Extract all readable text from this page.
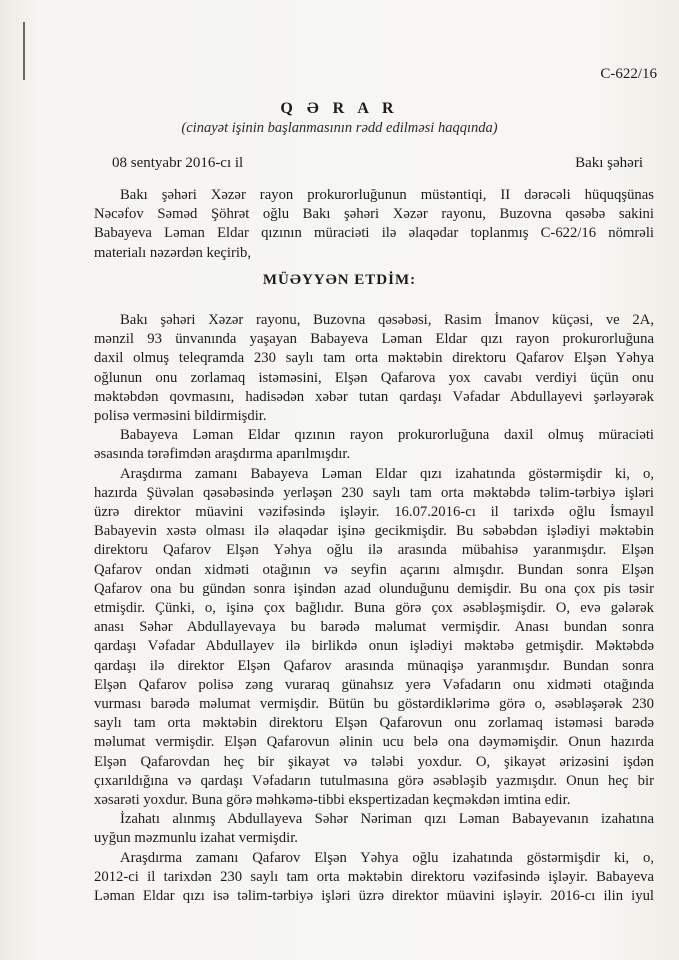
C-622/16
Q Ə R A R
(cinayət işinin başlanmasının rədd edilməsi haqqında)
08 sentyabr 2016-cı il	Bakı şəhəri
Bakı şəhəri Xəzər rayon prokurorluğunun müstəntiqi, II dərəcəli hüquqşünas
Nəcəfov Səməd Şöhrət oğlu Bakı şəhəri Xəzər rayonu, Buzovna qəsəbə sakini
Babayeva Ləman Eldar qızının müraciəti ilə əlaqədar toplanmış C-622/16 nömrəli
materialı nəzərdən keçirib,
MÜƏYYƏN ETDİM:
Bakı şəhəri Xəzər rayonu, Buzovna qəsəbəsi, Rasim İmanov küçəsi, ve 2A,
mənzil 93 ünvanında yaşayan Babayeva Ləman Eldar qızı rayon prokurorluğuna
daxil olmuş teleqramda 230 saylı tam orta məktəbin direktoru Qafarov Elşən Yəhya
oğlunun onu zorlamaq istəməsini, Elşən Qafarova yox cavabı verdiyi üçün onu
məktəbdən qovmasını, hadisədən xəbər tutan qardaşı Vəfadar Abdullayevi şərləyərək
polisə verməsini bildirmişdir.
Babayeva Ləman Eldar qızının rayon prokurorluğuna daxil olmuş müraciəti
əsasında tərəfimdən araşdırma aparılmışdır.
Araşdırma zamanı Babayeva Ləman Eldar qızı izahatında göstərmişdir ki, o,
hazırda Şüvəlan qəsəbəsində yerləşən 230 saylı tam orta məktəbdə təlim-tərbiyə işləri
üzrə direktor müavini vəzifəsində işləyir. 16.07.2016-cı il tarixdə oğlu İsmayıl
Babayevin xəstə olması ilə əlaqədar işinə gecikmişdir. Bu səbəbdən işlədiyi məktəbin
direktoru Qafarov Elşən Yəhya oğlu ilə arasında mübahisə yaranmışdır. Elşən
Qafarov ondan xidməti otağının və seyfin açarını almışdır. Bundan sonra Elşən
Qafarov ona bu gündən sonra işindən azad olunduğunu demişdir. Bu ona çox pis təsir
etmişdir. Çünki, o, işinə çox bağlıdır. Buna görə çox əsəbləşmişdir. O, evə gələrək
anası Səhər Abdullayevaya bu barədə məlumat vermişdir. Anası bundan sonra
qardaşı Vəfadar Abdullayev ilə birlikdə onun işlədiyi məktəbə getmişdir. Məktəbdə
qardaşı ilə direktor Elşən Qafarov arasında münaqişə yaranmışdır. Bundan sonra
Elşən Qafarov polisə zəng vuraraq günahsız yerə Vəfadarın onu xidməti otağında
vurması barədə məlumat vermişdir. Bütün bu göstərdiklərimə görə o, əsəbləşərək 230
saylı tam orta məktəbin direktoru Elşən Qafarovun onu zorlamaq istəməsi barədə
məlumat vermişdir. Elşən Qafarovun əlinin ucu belə ona dəyməmişdir. Onun hazırda
Elşən Qafarovdan heç bir şikayət və tələbi yoxdur. O, şikayət ərizəsini işdən
çıxarıldığına və qardaşı Vəfadarın tutulmasına görə əsəbləşib yazmışdır. Onun heç bir
xəsarəti yoxdur. Buna görə məhkəmə-tibbi ekspertizadan keçməkdən imtina edir.
İzahatı alınmış Abdullayeva Səhər Nəriman qızı Ləman Babayevanın izahatına
uyğun məzmunlu izahat vermişdir.
Araşdırma zamanı Qafarov Elşən Yəhya oğlu izahatında göstərmişdir ki, o,
2012-ci il tarixdən 230 saylı tam orta məktəbin direktoru vəzifəsində işləyir. Babayeva
Ləman Eldar qızı isə təlim-tərbiyə işləri üzrə direktor müavini işləyir. 2016-cı ilin iyul
